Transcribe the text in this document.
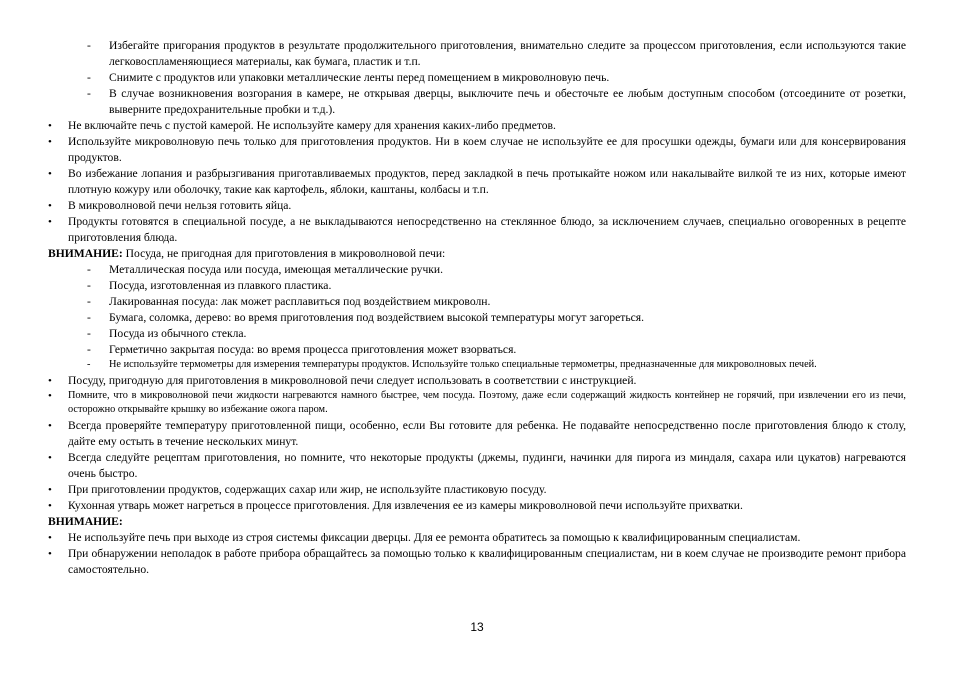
- Избегайте пригорания продуктов в результате продолжительного приготовления, внимательно следите за процессом приготовления, если используются такие легковоспламеняющиеся материалы, как бумага, пластик и т.п.
- Снимите с продуктов или упаковки металлические ленты перед помещением в микроволновую печь.
- В случае возникновения возгорания в камере, не открывая дверцы, выключите печь и обесточьте ее любым доступным способом (отсоедините от розетки, выверните предохранительные пробки и т.д.).
• Не включайте печь с пустой камерой. Не используйте камеру для хранения каких-либо предметов.
• Используйте микроволновую печь только для приготовления продуктов. Ни в коем случае не используйте ее для просушки одежды, бумаги или для консервирования продуктов.
• Во избежание лопания и разбрызгивания приготавливаемых продуктов, перед закладкой в печь протыкайте ножом или накалывайте вилкой те из них, которые имеют плотную кожуру или оболочку, такие как картофель, яблоки, каштаны, колбасы и т.п.
• В микроволновой печи нельзя готовить яйца.
• Продукты готовятся в специальной посуде, а не выкладываются непосредственно на стеклянное блюдо, за исключением случаев, специально оговоренных в рецепте приготовления блюда.
ВНИМАНИЕ: Посуда, не пригодная для приготовления в микроволновой печи:
- Металлическая посуда или посуда, имеющая металлические ручки.
- Посуда, изготовленная из плавкого пластика.
- Лакированная посуда: лак может расплавиться под воздействием микроволн.
- Бумага, соломка, дерево: во время приготовления под воздействием высокой температуры могут загореться.
- Посуда из обычного стекла.
- Герметично закрытая посуда: во время процесса приготовления может взорваться.
- Не используйте термометры для измерения температуры продуктов. Используйте только специальные термометры, предназначенные для микроволновых печей.
• Посуду, пригодную для приготовления в микроволновой печи следует использовать в соответствии с инструкцией.
• Помните, что в микроволновой печи жидкости нагреваются намного быстрее, чем посуда. Поэтому, даже если содержащий жидкость контейнер не горячий, при извлечении его из печи, осторожно открывайте крышку во избежание ожога паром.
• Всегда проверяйте температуру приготовленной пищи, особенно, если Вы готовите для ребенка. Не подавайте непосредственно после приготовления блюдо к столу, дайте ему остыть в течение нескольких минут.
• Всегда следуйте рецептам приготовления, но помните, что некоторые продукты (джемы, пудинги, начинки для пирога из миндаля, сахара или цукатов) нагреваются очень быстро.
• При приготовлении продуктов, содержащих сахар или жир, не используйте пластиковую посуду.
• Кухонная утварь может нагреться в процессе приготовления. Для извлечения ее из камеры микроволновой печи используйте прихватки.
ВНИМАНИЕ:
• Не используйте печь при выходе из строя системы фиксации дверцы. Для ее ремонта обратитесь за помощью к квалифицированным специалистам.
• При обнаружении неполадок в работе прибора обращайтесь за помощью только к квалифицированным специалистам, ни в коем случае не производите ремонт прибора самостоятельно.
13
